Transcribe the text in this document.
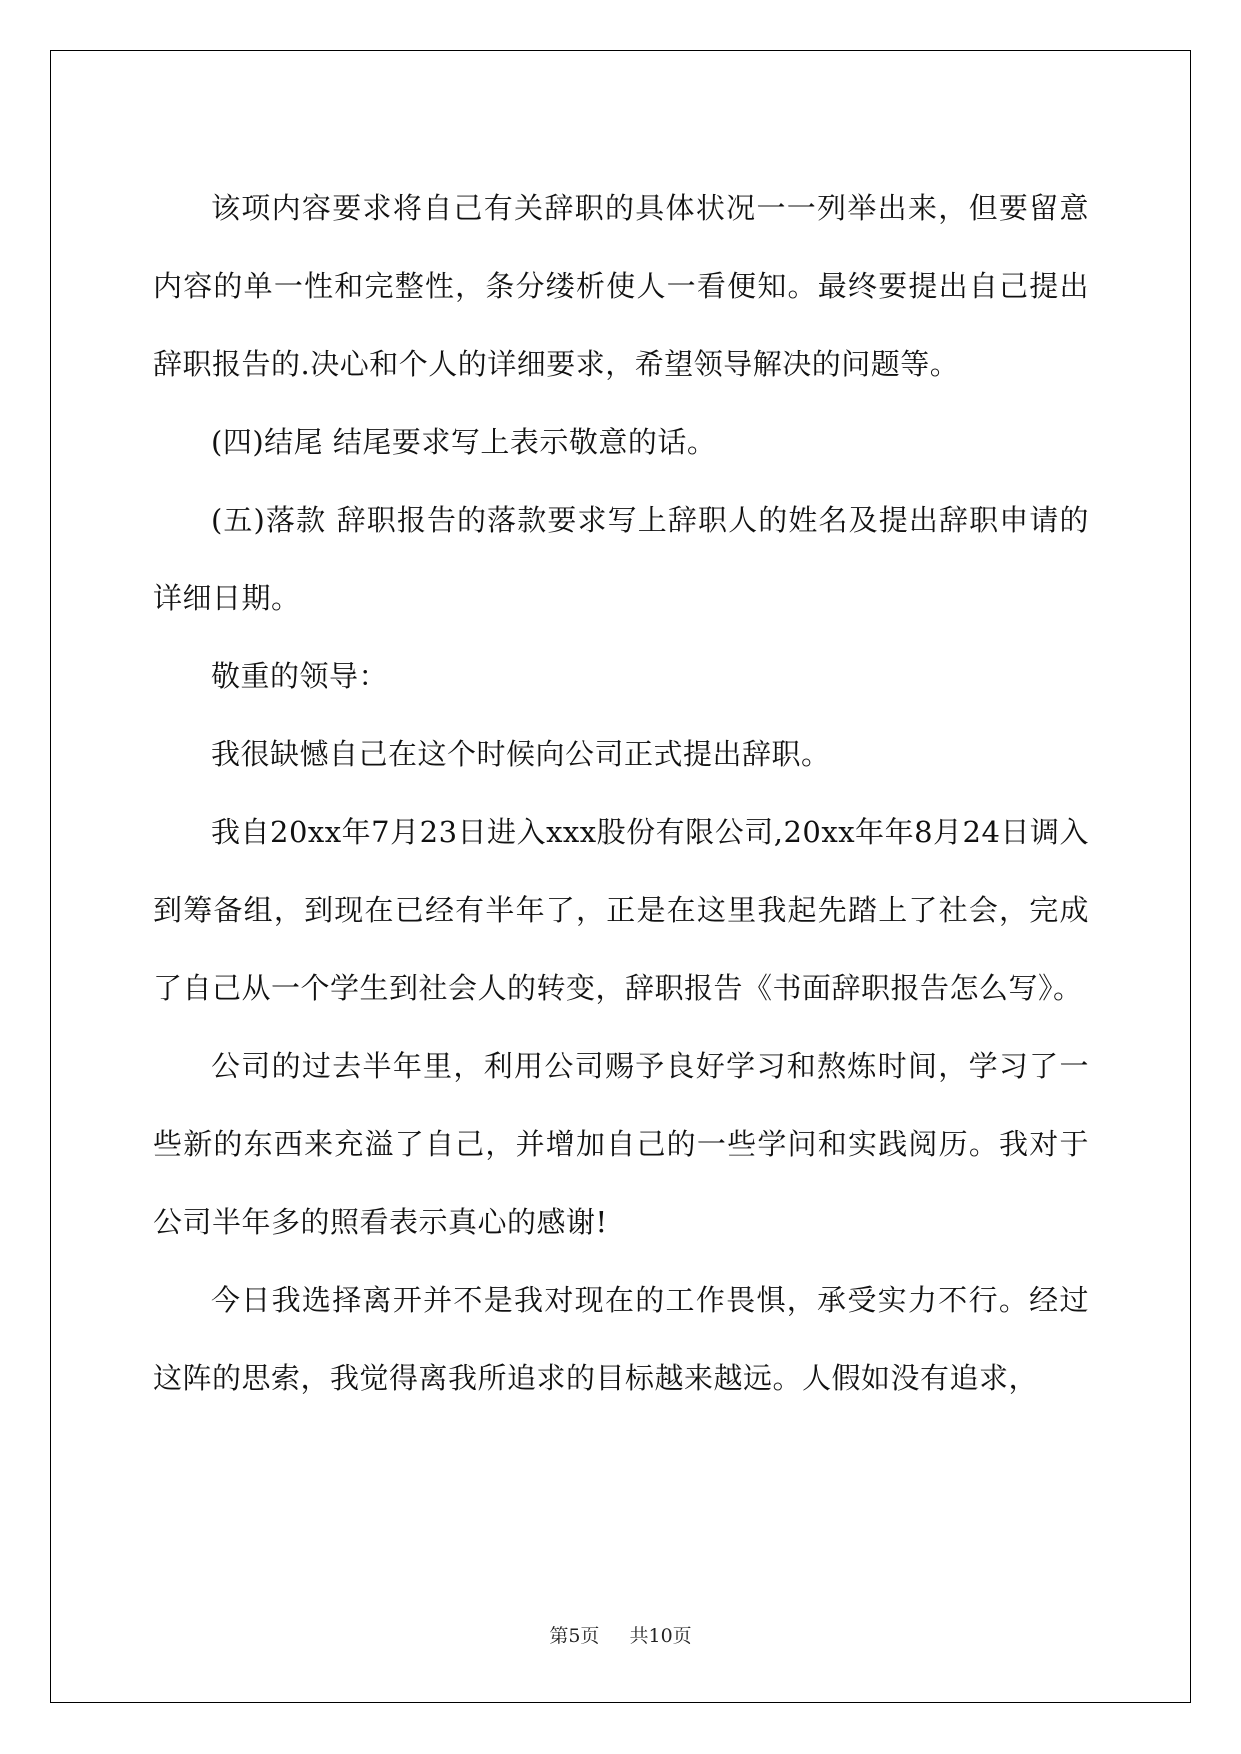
该项内容要求将自己有关辞职的具体状况一一列举出来，但要留意内容的单一性和完整性，条分缕析使人一看便知。最终要提出自己提出辞职报告的.决心和个人的详细要求，希望领导解决的问题等。

(四)结尾 结尾要求写上表示敬意的话。

(五)落款 辞职报告的落款要求写上辞职人的姓名及提出辞职申请的详细日期。

敬重的领导：

我很缺憾自己在这个时候向公司正式提出辞职。

我自20xx年7月23日进入xxx股份有限公司,20xx年年8月24日调入到筹备组，到现在已经有半年了，正是在这里我起先踏上了社会，完成了自己从一个学生到社会人的转变，辞职报告《书面辞职报告怎么写》。

公司的过去半年里，利用公司赐予良好学习和熬炼时间，学习了一些新的东西来充溢了自己，并增加自己的一些学问和实践阅历。我对于公司半年多的照看表示真心的感谢!

今日我选择离开并不是我对现在的工作畏惧，承受实力不行。经过这阵的思索，我觉得离我所追求的目标越来越远。人假如没有追求，

第5页 共10页
